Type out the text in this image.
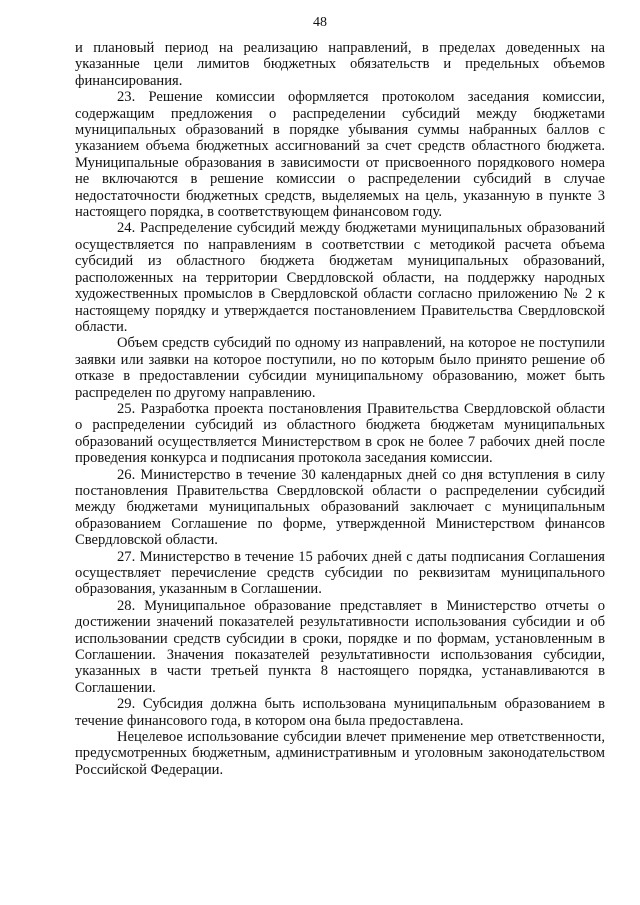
48

и плановый период на реализацию направлений, в пределах доведенных на указанные цели лимитов бюджетных обязательств и предельных объемов финансирования.

23. Решение комиссии оформляется протоколом заседания комиссии, содержащим предложения о распределении субсидий между бюджетами муниципальных образований в порядке убывания суммы набранных баллов с указанием объема бюджетных ассигнований за счет средств областного бюджета. Муниципальные образования в зависимости от присвоенного порядкового номера не включаются в решение комиссии о распределении субсидий в случае недостаточности бюджетных средств, выделяемых на цель, указанную в пункте 3 настоящего порядка, в соответствующем финансовом году.

24. Распределение субсидий между бюджетами муниципальных образований осуществляется по направлениям в соответствии с методикой расчета объема субсидий из областного бюджета бюджетам муниципальных образований, расположенных на территории Свердловской области, на поддержку народных художественных промыслов в Свердловской области согласно приложению № 2 к настоящему порядку и утверждается постановлением Правительства Свердловской области.

Объем средств субсидий по одному из направлений, на которое не поступили заявки или заявки на которое поступили, но по которым было принято решение об отказе в предоставлении субсидии муниципальному образованию, может быть распределен по другому направлению.

25. Разработка проекта постановления Правительства Свердловской области о распределении субсидий из областного бюджета бюджетам муниципальных образований осуществляется Министерством в срок не более 7 рабочих дней после проведения конкурса и подписания протокола заседания комиссии.

26. Министерство в течение 30 календарных дней со дня вступления в силу постановления Правительства Свердловской области о распределении субсидий между бюджетами муниципальных образований заключает с муниципальным образованием Соглашение по форме, утвержденной Министерством финансов Свердловской области.

27. Министерство в течение 15 рабочих дней с даты подписания Соглашения осуществляет перечисление средств субсидии по реквизитам муниципального образования, указанным в Соглашении.

28. Муниципальное образование представляет в Министерство отчеты о достижении значений показателей результативности использования субсидии и об использовании средств субсидии в сроки, порядке и по формам, установленным в Соглашении. Значения показателей результативности использования субсидии, указанных в части третьей пункта 8 настоящего порядка, устанавливаются в Соглашении.

29. Субсидия должна быть использована муниципальным образованием в течение финансового года, в котором она была предоставлена.

Нецелевое использование субсидии влечет применение мер ответственности, предусмотренных бюджетным, административным и уголовным законодательством Российской Федерации.
